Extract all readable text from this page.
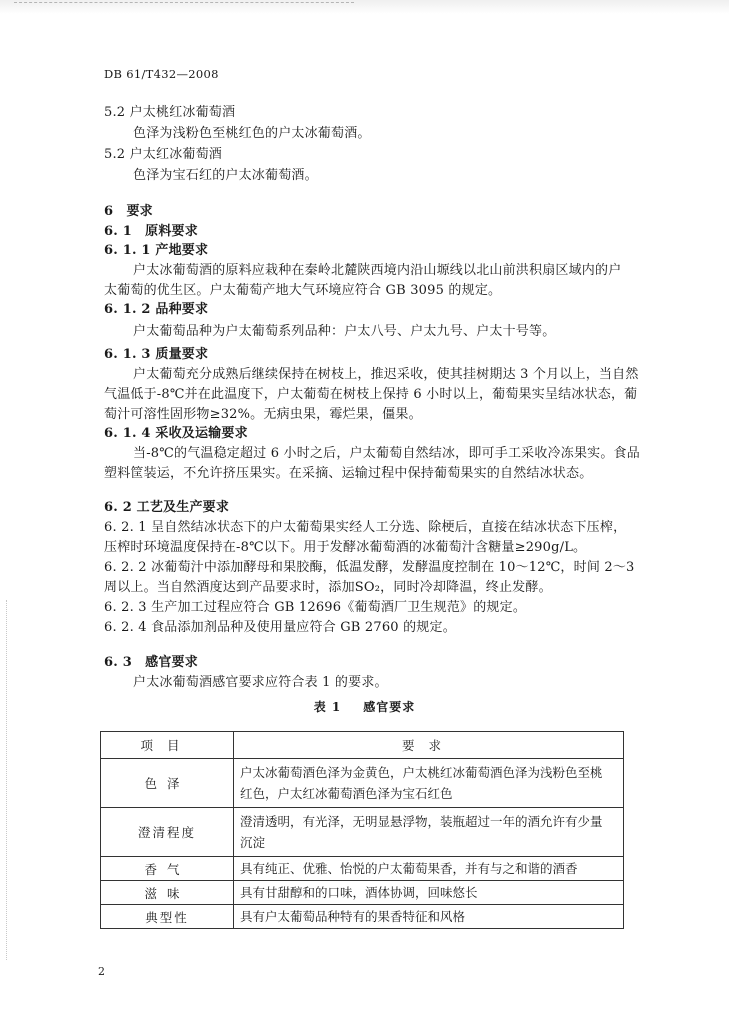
DB 61/T432—2008
5.2 户太桃红冰葡萄酒
色泽为浅粉色至桃红色的户太冰葡萄酒。
5.2 户太红冰葡萄酒
色泽为宝石红的户太冰葡萄酒。
6　要求
6. 1　原料要求
6. 1. 1 产地要求
户太冰葡萄酒的原料应栽种在秦岭北麓陕西境内沿山塬线以北山前洪积扇区域内的户
太葡萄的优生区。户太葡萄产地大气环境应符合 GB 3095 的规定。
6. 1. 2 品种要求
户太葡萄品种为户太葡萄系列品种：户太八号、户太九号、户太十号等。
6. 1. 3 质量要求
户太葡萄充分成熟后继续保持在树枝上，推迟采收，使其挂树期达 3 个月以上，当自然
气温低于-8℃并在此温度下，户太葡萄在树枝上保持 6 小时以上，葡萄果实呈结冰状态，葡
萄汁可溶性固形物≥32%。无病虫果，霉烂果，僵果。
6. 1. 4 采收及运输要求
当-8℃的气温稳定超过 6 小时之后，户太葡萄自然结冰，即可手工采收冷冻果实。食品
塑料筐装运，不允许挤压果实。在采摘、运输过程中保持葡萄果实的自然结冰状态。
6. 2 工艺及生产要求
6. 2. 1 呈自然结冰状态下的户太葡萄果实经人工分选、除梗后，直接在结冰状态下压榨，
压榨时环境温度保持在-8℃以下。用于发酵冰葡萄酒的冰葡萄汁含糖量≥290g/L。
6. 2. 2 冰葡萄汁中添加酵母和果胶酶，低温发酵，发酵温度控制在 10～12℃，时间 2～3
周以上。当自然酒度达到产品要求时，添加SO₂，同时冷却降温，终止发酵。
6. 2. 3 生产加工过程应符合 GB 12696《葡萄酒厂卫生规范》的规定。
6. 2. 4 食品添加剂品种及使用量应符合 GB 2760 的规定。
6. 3　感官要求
户太冰葡萄酒感官要求应符合表 1 的要求。
表 1 感官要求
项目	要求
色泽	户太冰葡萄酒色泽为金黄色，户太桃红冰葡萄酒色泽为浅粉色至桃
红色，户太红冰葡萄酒色泽为宝石红色

澄清程度	澄清透明，有光泽，无明显悬浮物，装瓶超过一年的酒允许有少量
沉淀

香气	具有纯正、优雅、怡悦的户太葡萄果香，并有与之和谐的酒香

滋味	具有甘甜醇和的口味，酒体协调，回味悠长

典型性	具有户太葡萄品种特有的果香特征和风格
2
